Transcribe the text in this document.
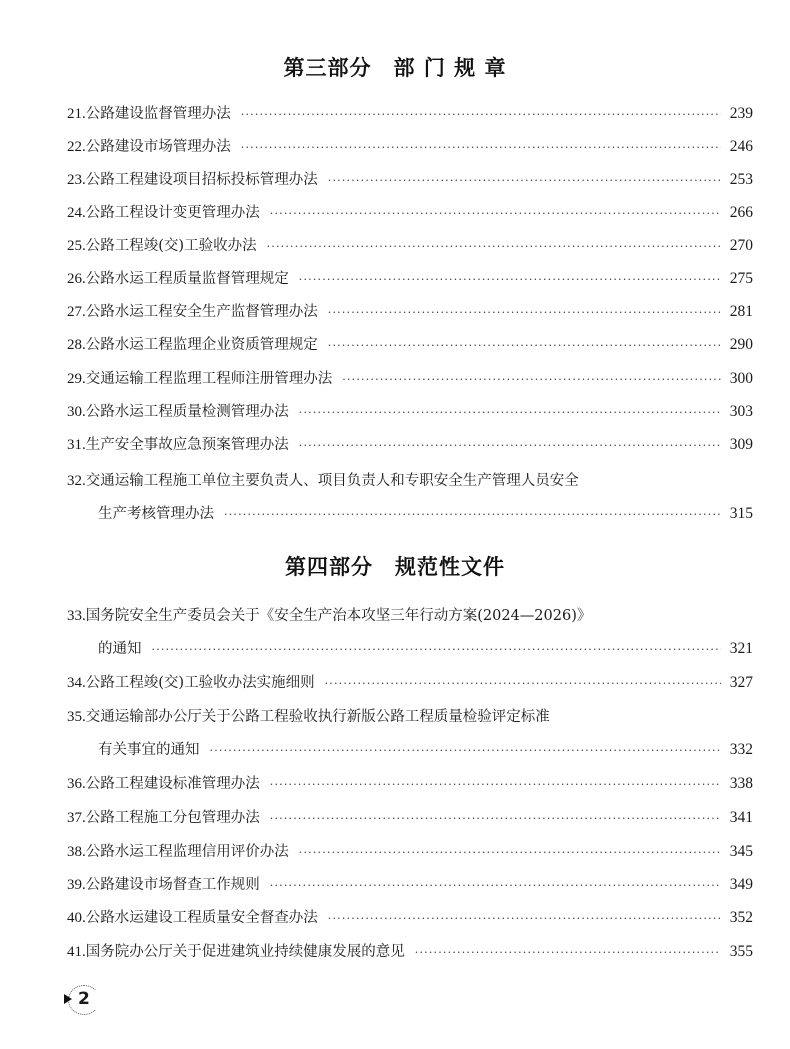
第三部分 部 门 规 章
21. 公路建设监督管理办法 ·····	239
22. 公路建设市场管理办法 ·····	246
23. 公路工程建设项目招标投标管理办法 ·····	253
24. 公路工程设计变更管理办法 ·····	266
25. 公路工程竣(交)工验收办法 ·····	270
26. 公路水运工程质量监督管理规定 ·····	275
27. 公路水运工程安全生产监督管理办法 ·····	281
28. 公路水运工程监理企业资质管理规定 ·····	290
29. 交通运输工程监理工程师注册管理办法 ·····	300
30. 公路水运工程质量检测管理办法 ·····	303
31. 生产安全事故应急预案管理办法 ·····	309
32. 交通运输工程施工单位主要负责人、项目负责人和专职安全生产管理人员安全
生产考核管理办法 ·····	315
第四部分 规范性文件
33. 国务院安全生产委员会关于《安全生产治本攻坚三年行动方案(2024—2026)》
的通知 ·····	321
34. 公路工程竣(交)工验收办法实施细则 ·····	327
35. 交通运输部办公厅关于公路工程验收执行新版公路工程质量检验评定标准
有关事宜的通知 ·····	332
36. 公路工程建设标准管理办法 ·····	338
37. 公路工程施工分包管理办法 ·····	341
38. 公路水运工程监理信用评价办法 ·····	345
39. 公路建设市场督查工作规则 ·····	349
40. 公路水运建设工程质量安全督查办法 ·····	352
41. 国务院办公厅关于促进建筑业持续健康发展的意见 ·····	355
2
